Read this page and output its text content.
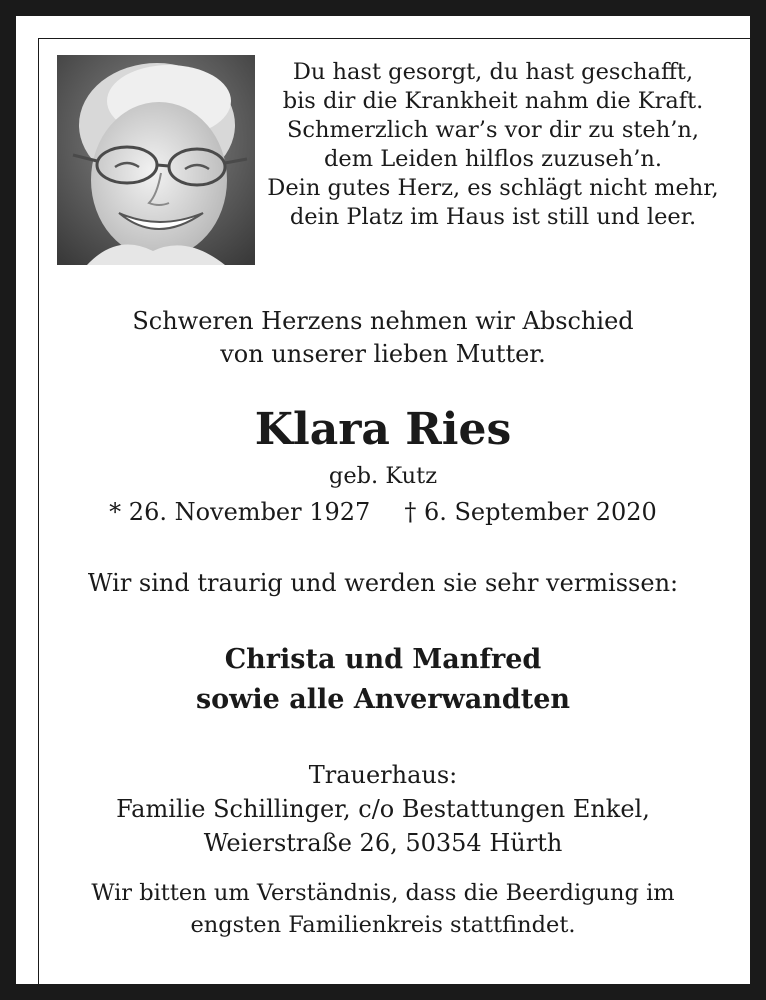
Du hast gesorgt, du hast geschafft,
bis dir die Krankheit nahm die Kraft.
Schmerzlich war’s vor dir zu steh’n,
dem Leiden hilflos zuzuseh’n.
Dein gutes Herz, es schlägt nicht mehr,
dein Platz im Haus ist still und leer.
Schweren Herzens nehmen wir Abschied
von unserer lieben Mutter.
Klara Ries
geb. Kutz
* 26. November 1927 † 6. September 2020
Wir sind traurig und werden sie sehr vermissen:
Christa und Manfred
sowie alle Anverwandten
Trauerhaus:
Familie Schillinger, c/o Bestattungen Enkel,
Weierstraße 26, 50354 Hürth
Wir bitten um Verständnis, dass die Beerdigung im
engsten Familienkreis stattfindet.
